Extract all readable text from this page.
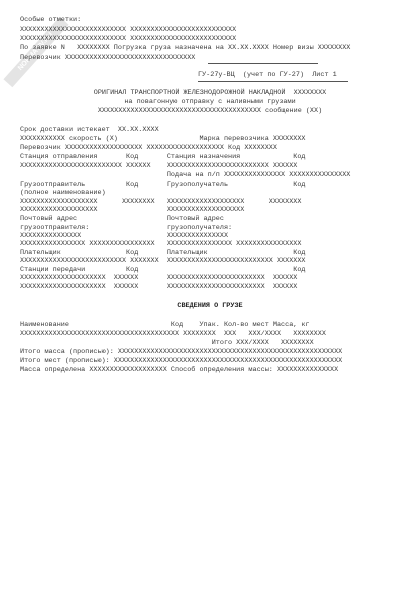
NORMATIV.RU
Особые отметки:
XXXXXXXXXXXXXXXXXXXXXXXXXX XXXXXXXXXXXXXXXXXXXXXXXXXX
XXXXXXXXXXXXXXXXXXXXXXXXXX XXXXXXXXXXXXXXXXXXXXXXXXXX
По заявке N   XXXXXXXX Погрузка груза назначена на XX.XX.XXXX Номер визы XXXXXXXX
Перевозчик XXXXXXXXXXXXXXXXXXXXXXXXXXXXXXXX
ГУ-27у-ВЦ  (учет по ГУ-27)  Лист 1
ОРИГИНАЛ ТРАНСПОРТНОЙ ЖЕЛЕЗНОДОРОЖНОЙ НАКЛАДНОЙ  XXXXXXXX
на повагонную отправку с наливными грузами
XXXXXXXXXXXXXXXXXXXXXXXXXXXXXXXXXXXXXXXX сообщение (XX)
Срок доставки истекает  XX.XX.XXXX
XXXXXXXXXXX скорость (X)                    Марка перевозчика XXXXXXXX
Перевозчик XXXXXXXXXXXXXXXXXXX XXXXXXXXXXXXXXXXXXX Код XXXXXXXX
Станция отправления       Код       Станция назначения             Код
XXXXXXXXXXXXXXXXXXXXXXXXX XXXXXX    XXXXXXXXXXXXXXXXXXXXXXXXX XXXXXX
Подача на п/п XXXXXXXXXXXXXXX XXXXXXXXXXXXXXX
Грузоотправитель          Код       Грузополучатель                Код
(полное наименование)
XXXXXXXXXXXXXXXXXXX      XXXXXXXX   XXXXXXXXXXXXXXXXXXX      XXXXXXXX
XXXXXXXXXXXXXXXXXXX                 XXXXXXXXXXXXXXXXXXX
Почтовый адрес                      Почтовый адрес
грузоотправителя:                   грузополучателя:
XXXXXXXXXXXXXXX                     XXXXXXXXXXXXXXX
XXXXXXXXXXXXXXXX XXXXXXXXXXXXXXXX   XXXXXXXXXXXXXXXX XXXXXXXXXXXXXXXX
Плательщик                Код       Плательщик                     Код
XXXXXXXXXXXXXXXXXXXXXXXXXX XXXXXXX  XXXXXXXXXXXXXXXXXXXXXXXXXX XXXXXXX
Станции передачи          Код                                      Код
XXXXXXXXXXXXXXXXXXXXX  XXXXXX       XXXXXXXXXXXXXXXXXXXXXXXX  XXXXXX
XXXXXXXXXXXXXXXXXXXXX  XXXXXX       XXXXXXXXXXXXXXXXXXXXXXXX  XXXXXX
СВЕДЕНИЯ О ГРУЗЕ
Наименование                         Код    Упак. Кол-во мест Масса, кг
XXXXXXXXXXXXXXXXXXXXXXXXXXXXXXXXXXXXXXX XXXXXXXX  XXX   XXX/XXXX   XXXXXXXX
Итого XXX/XXXX   XXXXXXXX
Итого масса (прописью): XXXXXXXXXXXXXXXXXXXXXXXXXXXXXXXXXXXXXXXXXXXXXXXXXXXXXXX
Итого мест (прописью): XXXXXXXXXXXXXXXXXXXXXXXXXXXXXXXXXXXXXXXXXXXXXXXXXXXXXXXX
Масса определена XXXXXXXXXXXXXXXXXXX Способ определения массы: XXXXXXXXXXXXXXX
